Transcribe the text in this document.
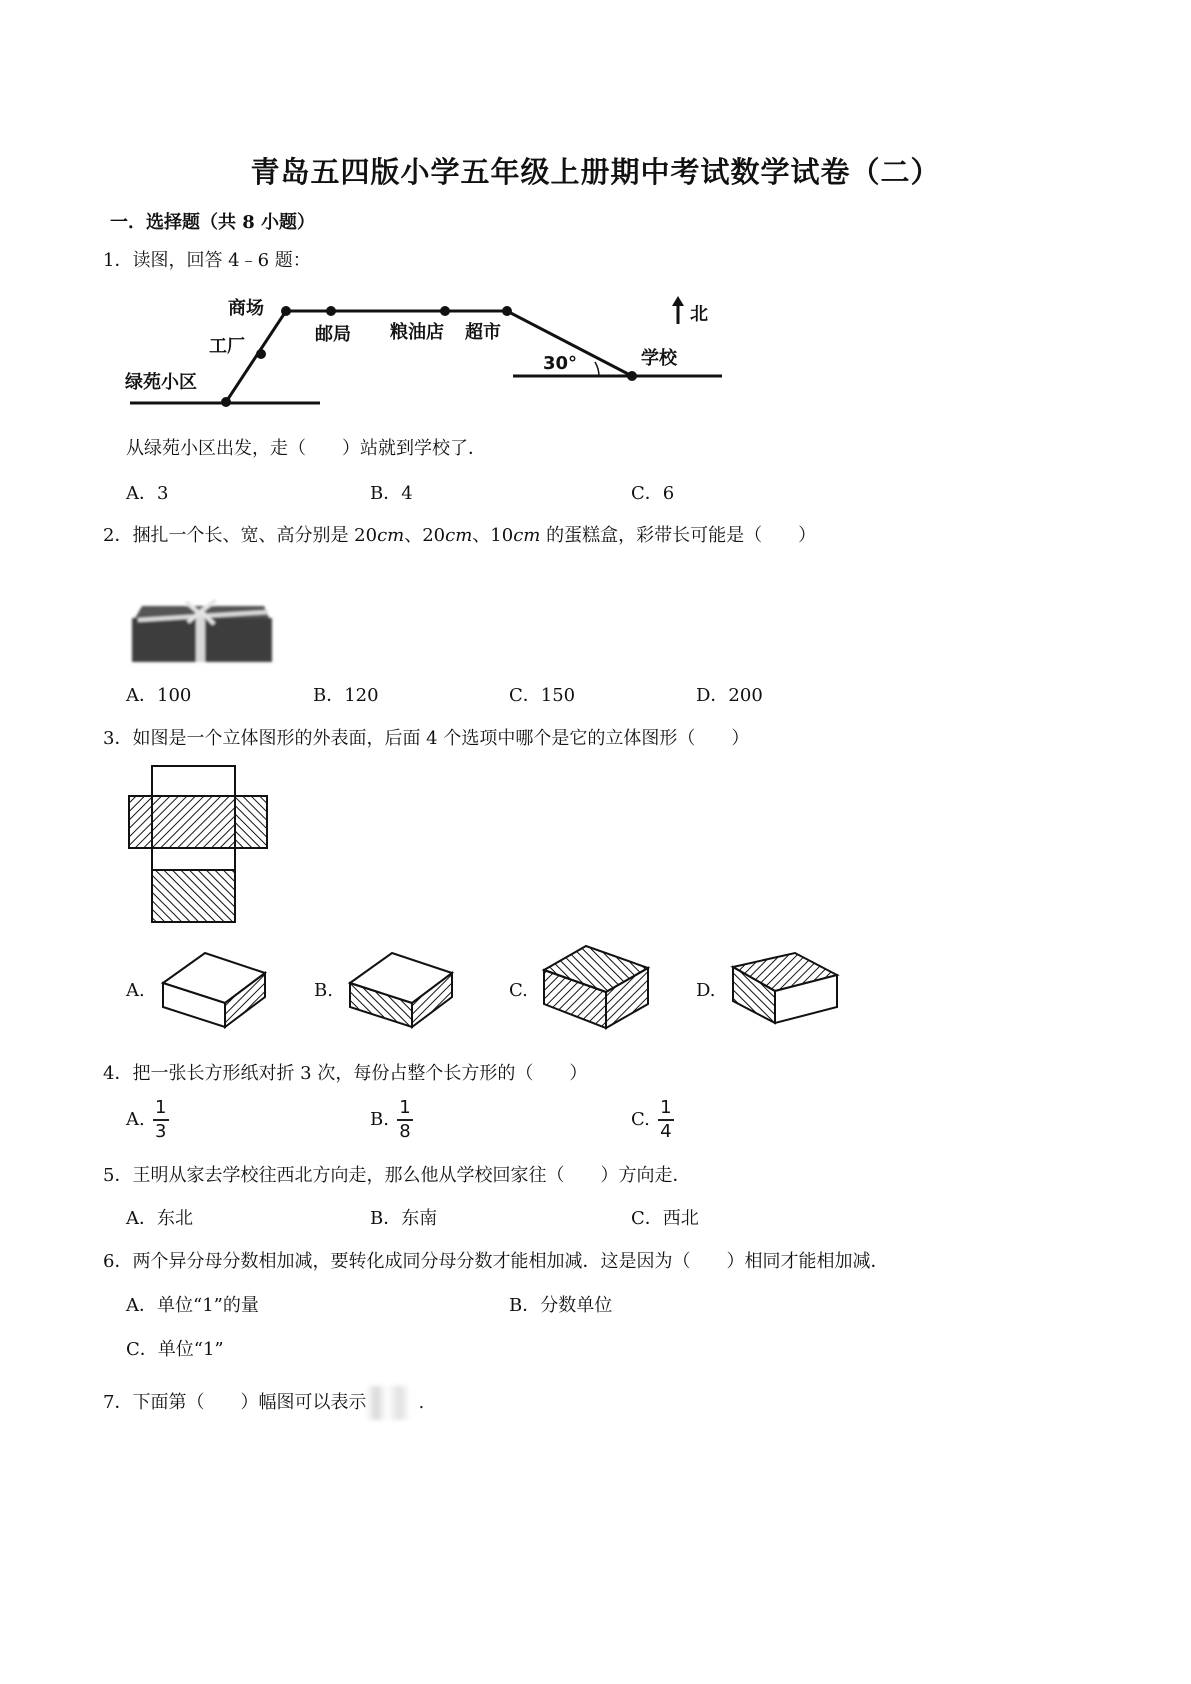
青岛五四版小学五年级上册期中考试数学试卷（二）
一．选择题（共 8 小题）
1．读图，回答 4﹣6 题：
商场
工厂
绿苑小区
邮局 粮油店 超市
学校
30°
北
从绿苑小区出发，走（　　）站就到学校了．
A．3	B．4	C．6
2．捆扎一个长、宽、高分别是 20cm、20cm、10cm 的蛋糕盒，彩带长可能是（　　）
A．100	B．120	C．150	D．200
3．如图是一个立体图形的外表面，后面 4 个选项中哪个是它的立体图形（　　）
A.	B.	C.	D.
4．把一张长方形纸对折 3 次，每份占整个长方形的（　　）
A. $\frac{1}{3}$	B. $\frac{1}{8}$	C. $\frac{1}{4}$
5．王明从家去学校往西北方向走，那么他从学校回家往（　　）方向走．
A．东北	B．东南	C．西北
6．两个异分母分数相加减，要转化成同分母分数才能相加减．这是因为（　　）相同才能相加减．
A．单位“1”的量	B．分数单位
C．单位“1”
7．下面第（　　）幅图可以表示	.
